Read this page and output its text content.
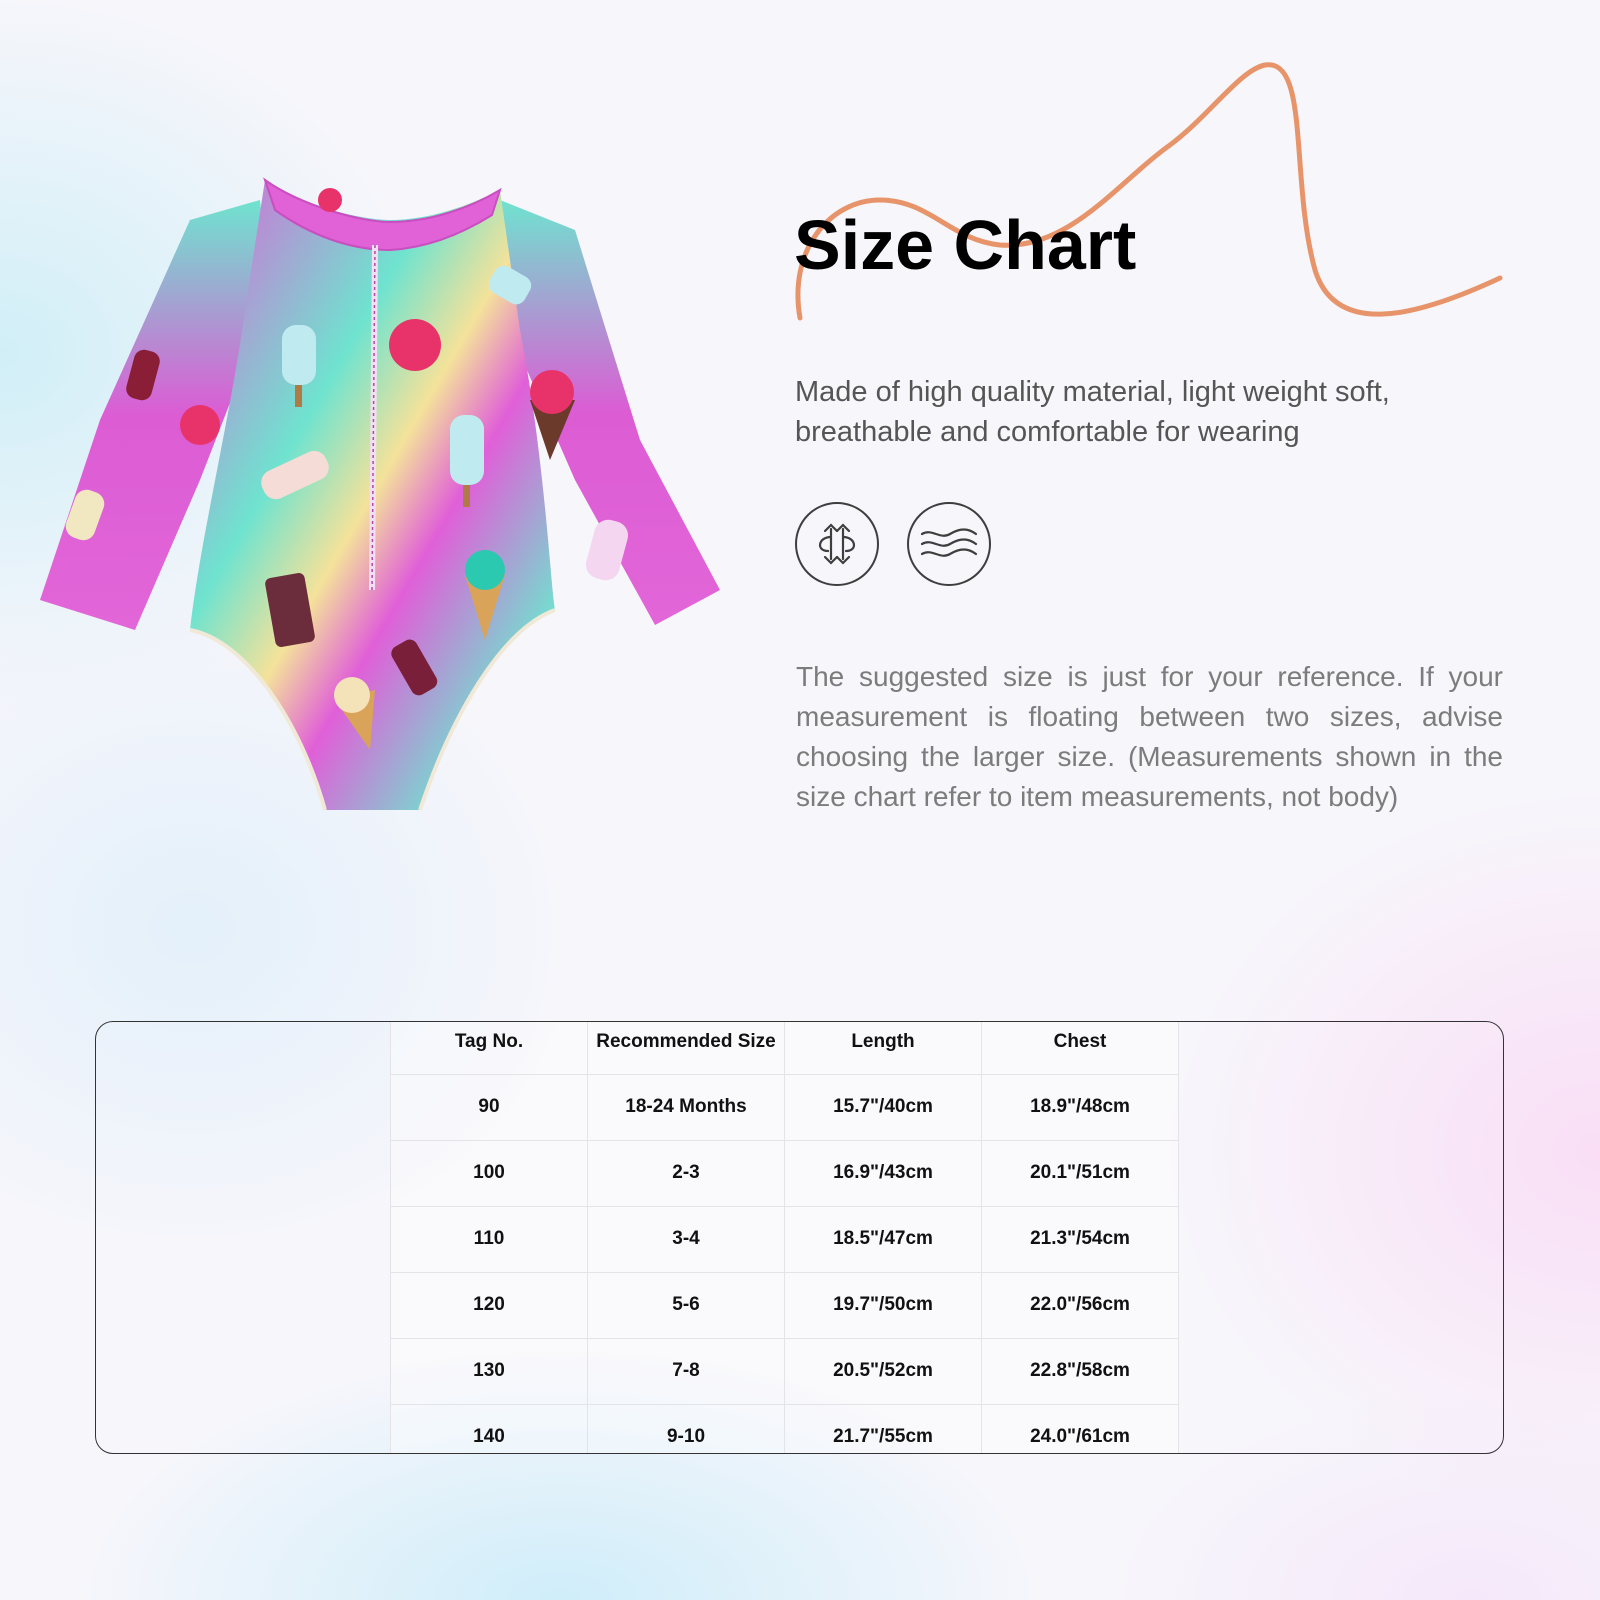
Size Chart

Made of high quality material, light weight soft, breathable and comfortable for wearing

The suggested size is just for your reference. If your measurement is floating between two sizes, advise choosing the larger size. (Measurements shown in the size chart refer to item measurements, not body)

Tag No.	Recommended Size	Length	Chest
90	18-24 Months	15.7"/40cm	18.9"/48cm
100	2-3	16.9"/43cm	20.1"/51cm
110	3-4	18.5"/47cm	21.3"/54cm
120	5-6	19.7"/50cm	22.0"/56cm
130	7-8	20.5"/52cm	22.8"/58cm
140	9-10	21.7"/55cm	24.0"/61cm
